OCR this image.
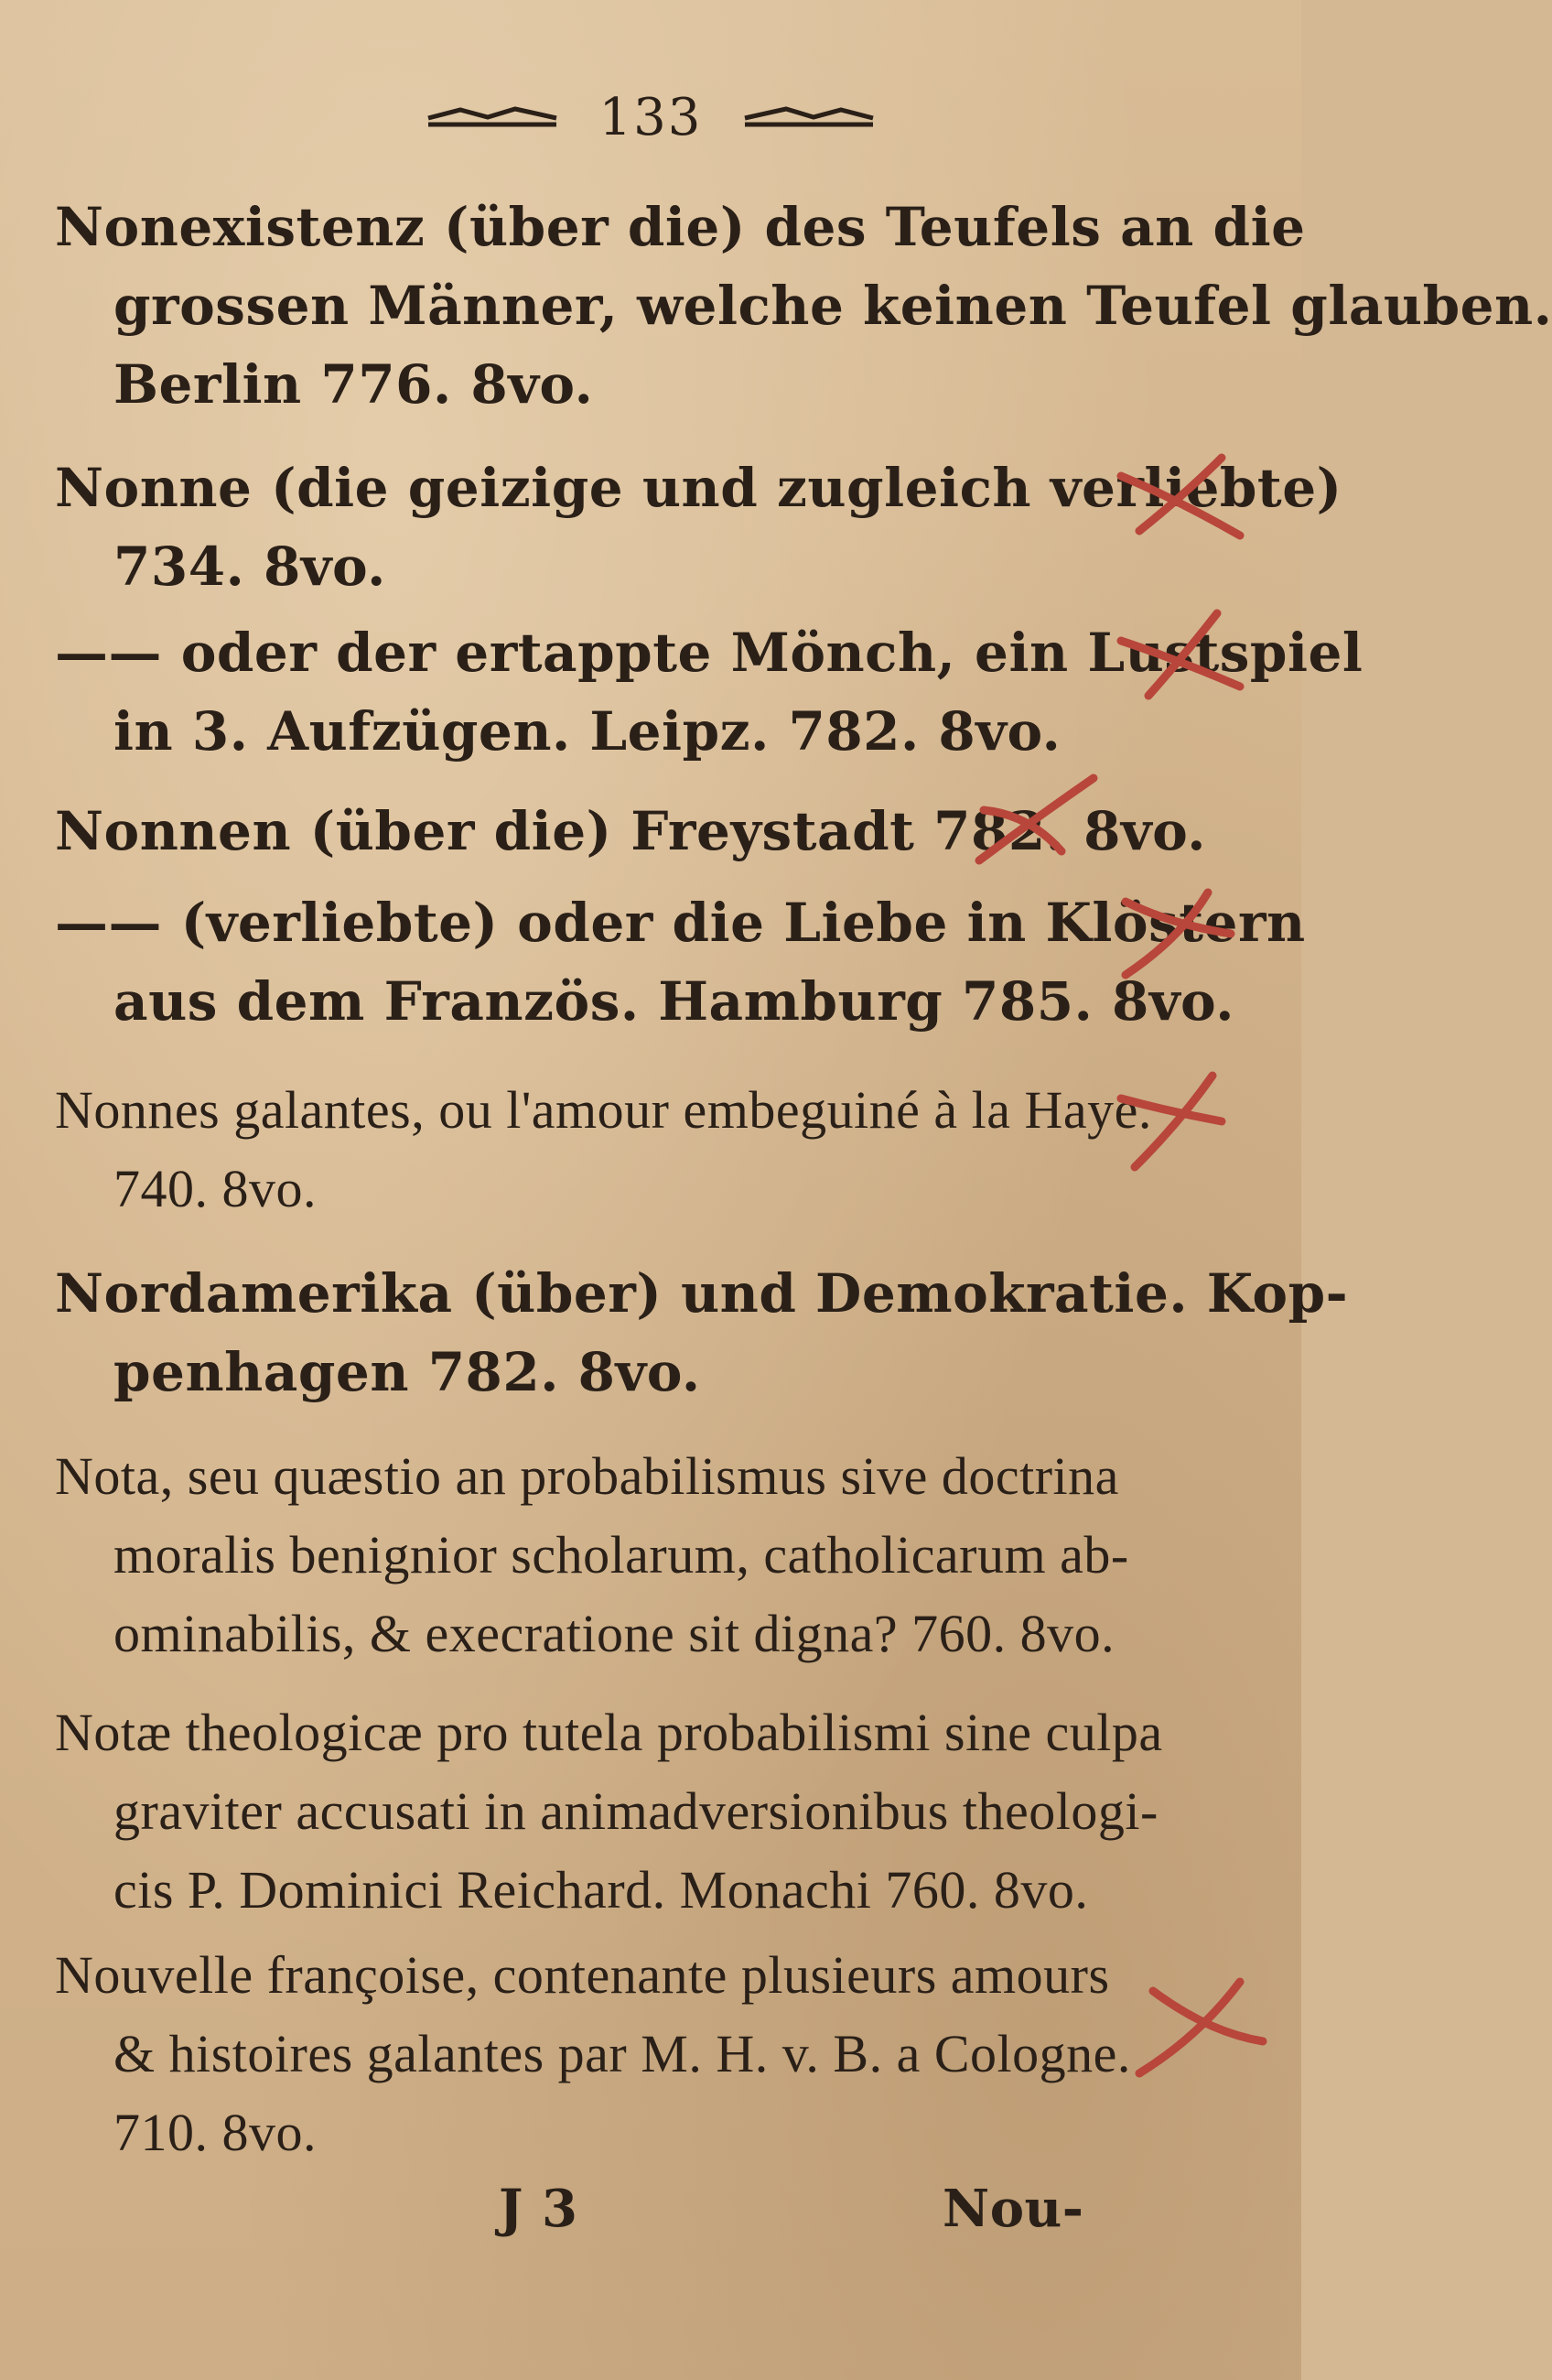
133
Nonexistenz (über die) des Teufels an die
grossen Männer, welche keinen Teufel glauben.
Berlin 776. 8vo.
Nonne (die geizige und zugleich verliebte)
734. 8vo.
—— oder der ertappte Mönch, ein Lustspiel
in 3. Aufzügen. Leipz. 782. 8vo.
Nonnen (über die) Freystadt 782. 8vo.
—— (verliebte) oder die Liebe in Klöstern
aus dem Französ. Hamburg 785. 8vo.
Nonnes galantes, ou l'amour embeguiné à la Haye.
740. 8vo.
Nordamerika (über) und Demokratie. Kop-
penhagen 782. 8vo.
Nota, seu quæstio an probabilismus sive doctrina
moralis benignior scholarum, catholicarum ab-
ominabilis, & execratione sit digna? 760. 8vo.
Notæ theologicæ pro tutela probabilismi sine culpa
graviter accusati in animadversionibus theologi-
cis P. Dominici Reichard. Monachi 760. 8vo.
Nouvelle françoise, contenante plusieurs amours
& histoires galantes par M. H. v. B. a Cologne.
710. 8vo.
J 3	Nou-
